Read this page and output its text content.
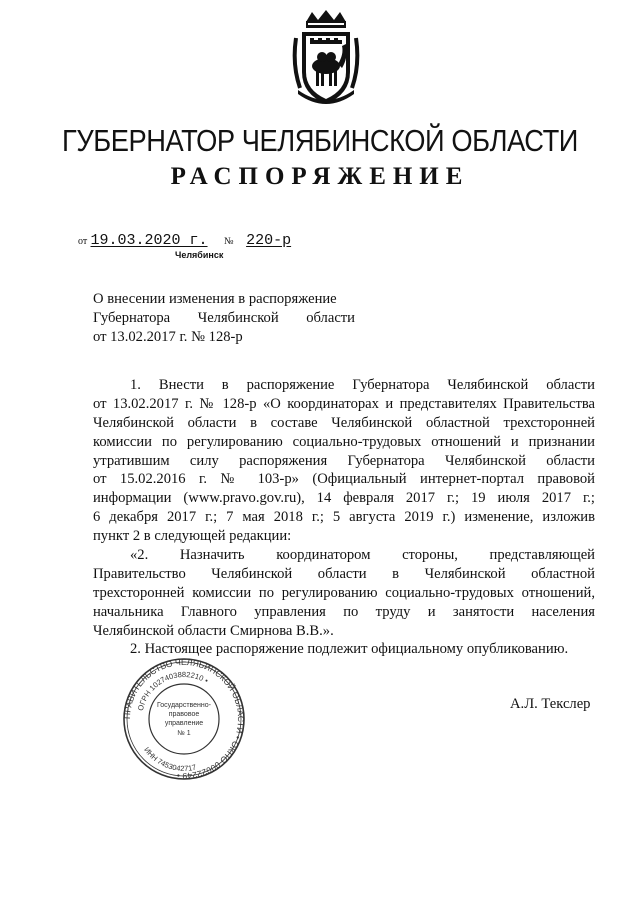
ГУБЕРНАТОР ЧЕЛЯБИНСКОЙ ОБЛАСТИ
РАСПОРЯЖЕНИЕ
от 19.03.2020 г. № 220-р
Челябинск
О внесении изменения в распоряжение
Губернатора Челябинской области
от 13.02.2017 г. № 128-р
1. Внести в распоряжение Губернатора Челябинской области
от 13.02.2017 г. № 128-р «О координаторах и представителях Правительства
Челябинской области в составе Челябинской областной трехсторонней
комиссии по регулированию социально-трудовых отношений и признании
утратившим силу распоряжения Губернатора Челябинской области
от 15.02.2016 г. № 103-р» (Официальный интернет-портал правовой
информации (www.pravo.gov.ru), 14 февраля 2017 г.; 19 июля 2017 г.;
6 декабря 2017 г.; 7 мая 2018 г.; 5 августа 2019 г.) изменение, изложив
пункт 2 в следующей редакции:
«2. Назначить координатором стороны, представляющей
Правительство Челябинской области в Челябинской областной
трехсторонней комиссии по регулированию социально-трудовых отношений,
начальника Главного управления по труду и занятости населения
Челябинской области Смирнова В.В.».
2. Настоящее распоряжение подлежит официальному опубликованию.
ПРАВИТЕЛЬСТВО ЧЕЛЯБИНСКОЙ ОБЛАСТИ • ОКПО 00022249 •
ОГРН 1027403882210 •
ИНН 7453042717
Государственно-
правовое
управление
№ 1
А.Л. Текслер
